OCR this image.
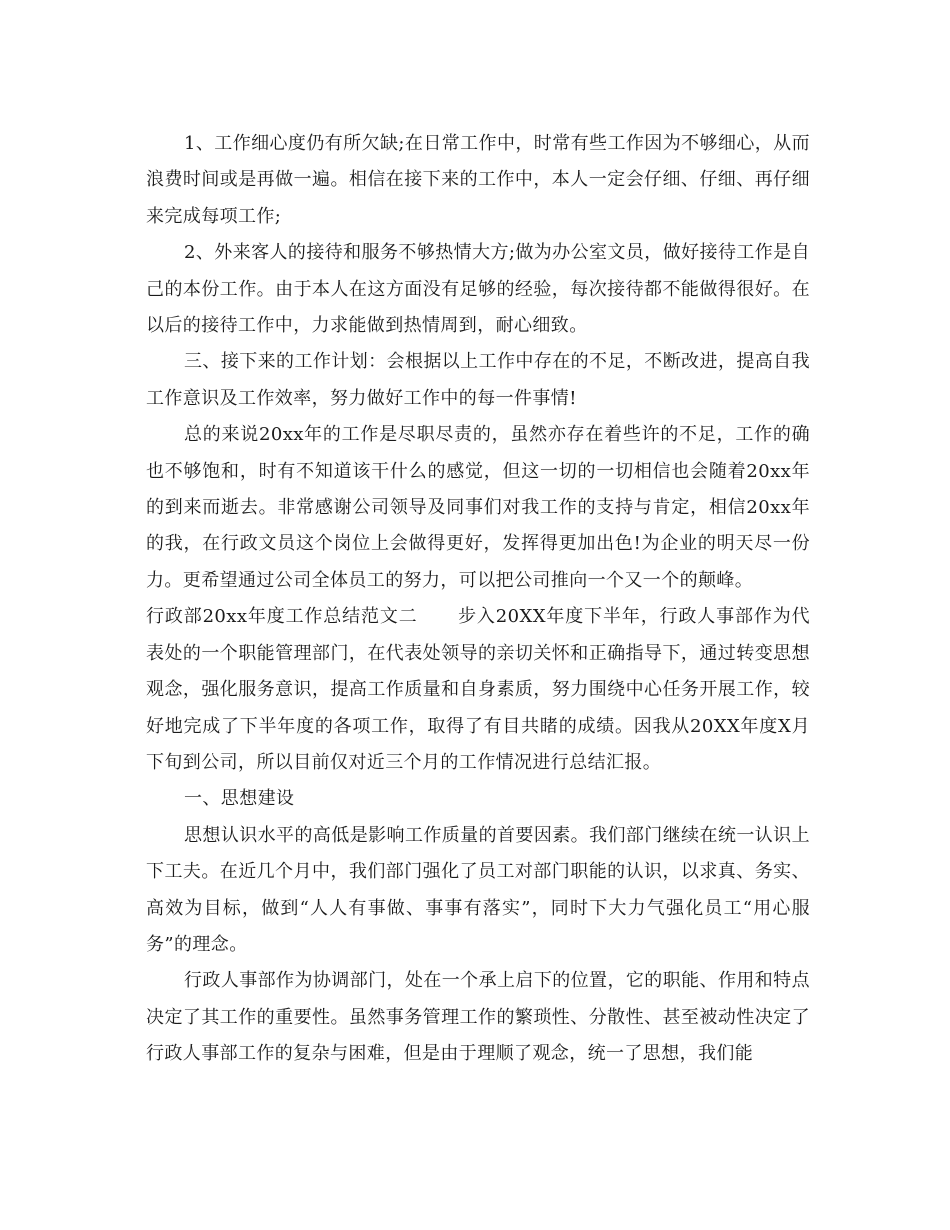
1、工作细心度仍有所欠缺;在日常工作中，时常有些工作因为不够细心，从而浪费时间或是再做一遍。相信在接下来的工作中，本人一定会仔细、仔细、再仔细来完成每项工作;

2、外来客人的接待和服务不够热情大方;做为办公室文员，做好接待工作是自己的本份工作。由于本人在这方面没有足够的经验，每次接待都不能做得很好。在以后的接待工作中，力求能做到热情周到，耐心细致。

三、接下来的工作计划：会根据以上工作中存在的不足，不断改进，提高自我工作意识及工作效率，努力做好工作中的每一件事情!

总的来说20xx年的工作是尽职尽责的，虽然亦存在着些许的不足，工作的确也不够饱和，时有不知道该干什么的感觉，但这一切的一切相信也会随着20xx年的到来而逝去。非常感谢公司领导及同事们对我工作的支持与肯定，相信20xx年的我，在行政文员这个岗位上会做得更好，发挥得更加出色!为企业的明天尽一份力。更希望通过公司全体员工的努力，可以把公司推向一个又一个的颠峰。

行政部20xx年度工作总结范文二 步入20XX年度下半年，行政人事部作为代表处的一个职能管理部门，在代表处领导的亲切关怀和正确指导下，通过转变思想观念，强化服务意识，提高工作质量和自身素质，努力围绕中心任务开展工作，较好地完成了下半年度的各项工作，取得了有目共睹的成绩。因我从20XX年度X月下旬到公司，所以目前仅对近三个月的工作情况进行总结汇报。

一、思想建设

思想认识水平的高低是影响工作质量的首要因素。我们部门继续在统一认识上下工夫。在近几个月中，我们部门强化了员工对部门职能的认识，以求真、务实、高效为目标，做到“人人有事做、事事有落实”，同时下大力气强化员工“用心服务”的理念。

行政人事部作为协调部门，处在一个承上启下的位置，它的职能、作用和特点决定了其工作的重要性。虽然事务管理工作的繁琐性、分散性、甚至被动性决定了行政人事部工作的复杂与困难，但是由于理顺了观念，统一了思想，我们能
